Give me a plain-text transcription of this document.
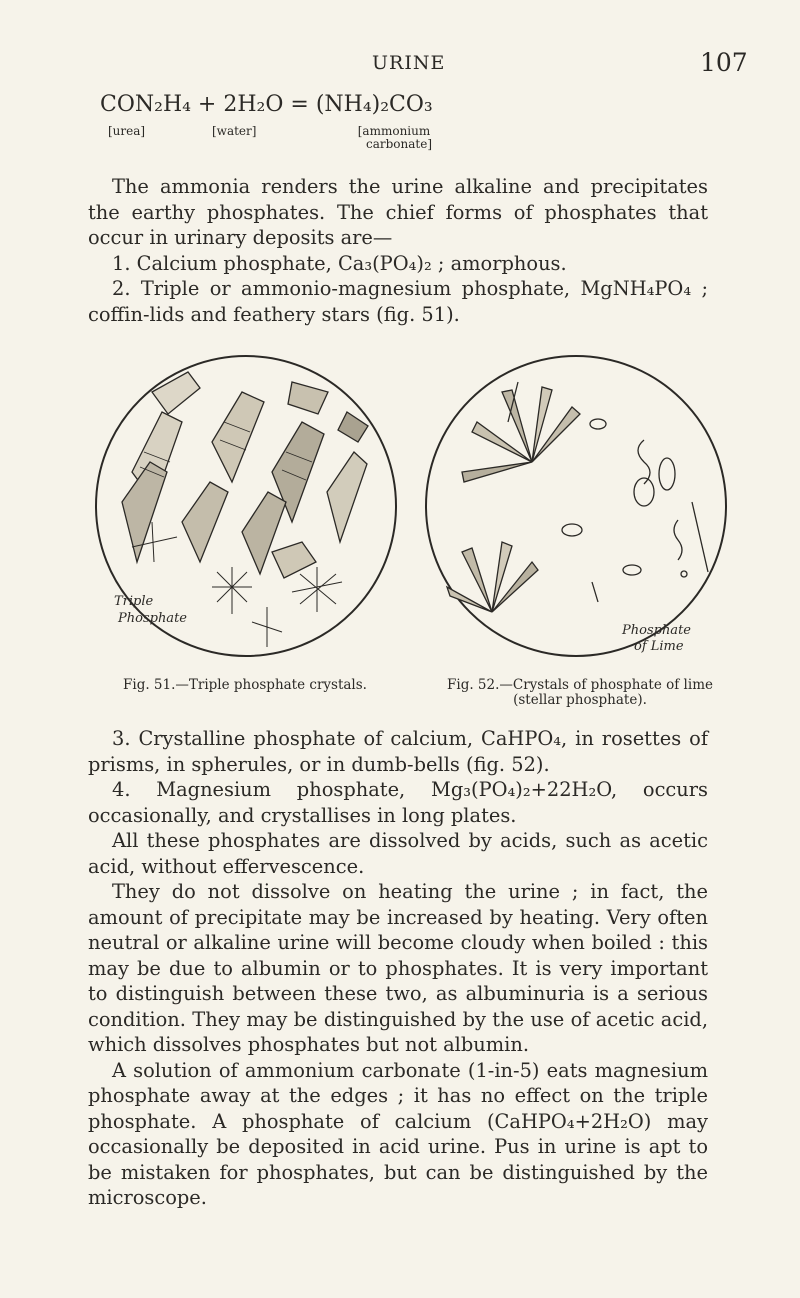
URINE	107
CON₂H₄ + 2H₂O = (NH₄)₂CO₃
[urea]	[water]	[ammonium
carbonate]

The ammonia renders the urine alkaline and precipitates the earthy phosphates. The chief forms of phosphates that occur in urinary deposits are—

1. Calcium phosphate, Ca₃(PO₄)₂ ; amorphous.

2. Triple or ammonio-magnesium phosphate, MgNH₄PO₄ ; coffin-lids and feathery stars (fig. 51).

Triple
Phosphate
Fig. 51.—Triple phosphate crystals.
Phosphate
of Lime
Fig. 52.—Crystals of phosphate of lime
(stellar phosphate).

3. Crystalline phosphate of calcium, CaHPO₄, in rosettes of prisms, in spherules, or in dumb-bells (fig. 52).

4. Magnesium phosphate, Mg₃(PO₄)₂+22H₂O, occurs occasionally, and crystallises in long plates.

All these phosphates are dissolved by acids, such as acetic acid, without effervescence.

They do not dissolve on heating the urine ; in fact, the amount of precipitate may be increased by heating. Very often neutral or alkaline urine will become cloudy when boiled : this may be due to albumin or to phosphates. It is very important to distinguish between these two, as albuminuria is a serious condition. They may be distinguished by the use of acetic acid, which dissolves phosphates but not albumin.

A solution of ammonium carbonate (1-in-5) eats magnesium phosphate away at the edges ; it has no effect on the triple phosphate. A phosphate of calcium (CaHPO₄+2H₂O) may occasionally be deposited in acid urine. Pus in urine is apt to be mistaken for phosphates, but can be distinguished by the microscope.
